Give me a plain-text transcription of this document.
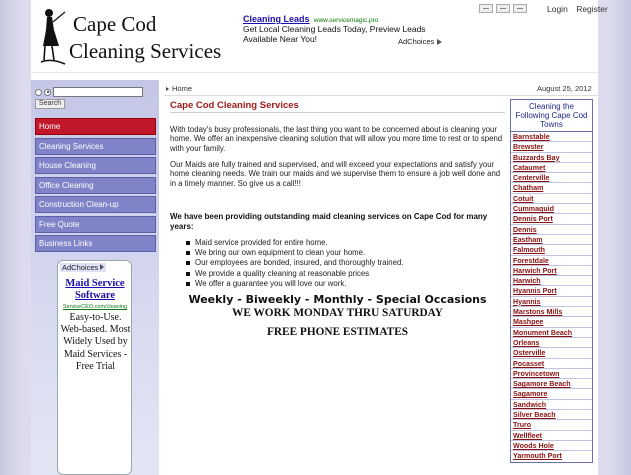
Cape Cod
Cleaning Services
Cleaning Leads www.servicemagic.pro
Get Local Cleaning Leads Today, Preview Leads Available Near You!	AdChoices
Login Register
Search
Home
Cleaning Services
House Cleaning
Office Cleaning
Construction Clean-up
Free Quote
Business Links
AdChoices
Maid Service Software
ServiceCEO.com/cleaning
Easy-to-Use. Web-based. Most Widely Used by Maid Services - Free Trial
Home	August 25, 2012
Cape Cod Cleaning Services
With today's busy professionals, the last thing you want to be concerned about is cleaning your home. We offer an inexpensive cleaning solution that will allow you more time to rest or to spend with your family.
Our Maids are fully trained and supervised, and will exceed your expectations and satisfy your home cleaning needs. We train our maids and we supervise them to ensure a job well done and in a timely manner. So give us a call!!!
We have been providing outstanding maid cleaning services on Cape Cod for many years:
Maid service provided for entire home.
We bring our own equipment to clean your home.
Our employees are bonded, insured, and thoroughly trained.
We provide a quality cleaning at reasonable prices
We offer a guarantee you will love our work.
Weekly - Biweekly - Monthly - Special Occasions
WE WORK MONDAY THRU SATURDAY
FREE PHONE ESTIMATES
Cleaning the Following Cape Cod Towns
Barnstable
Brewster
Buzzards Bay
Cataumet
Centerville
Chatham
Cotuit
Cummaquid
Dennis Port
Dennis
Eastham
Falmouth
Forestdale
Harwich Port
Harwich
Hyannis Port
Hyannis
Marstons Mills
Mashpee
Monument Beach
Orleans
Osterville
Pocasset
Provincetown
Sagamore Beach
Sagamore
Sandwich
Silver Beach
Truro
Wellfleet
Woods Hole
Yarmouth Port
